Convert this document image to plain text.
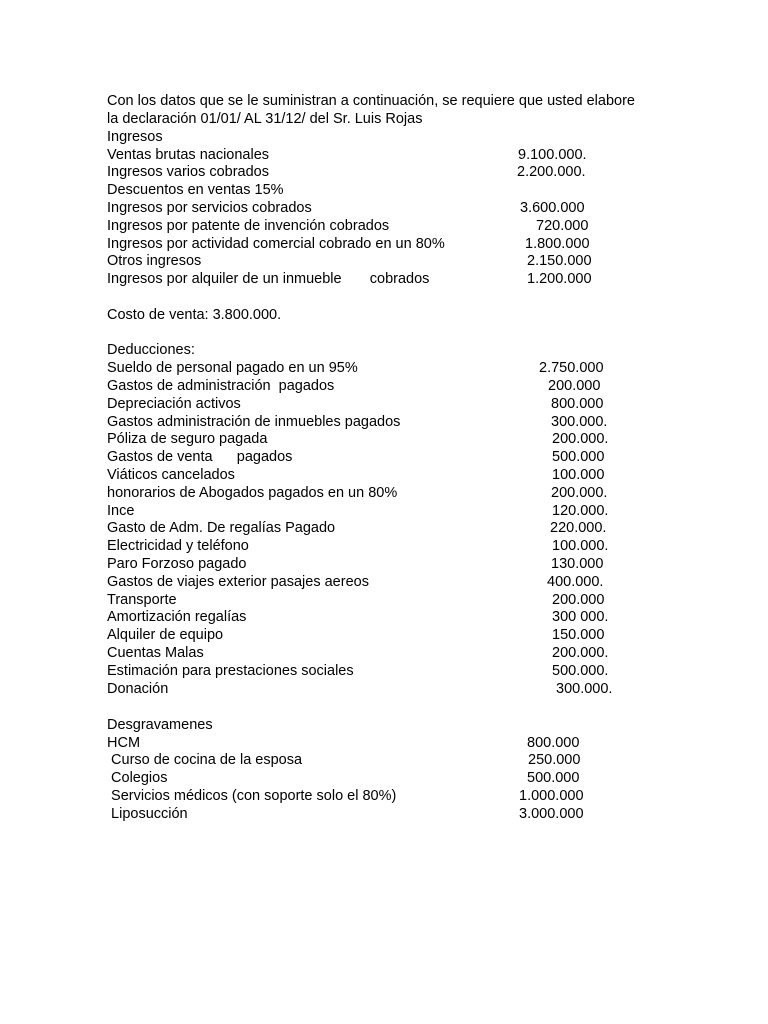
Con los datos que se le suministran a continuación, se requiere que usted elabore
la declaración 01/01/ AL 31/12/ del Sr. Luis Rojas
Ingresos
Ventas brutas nacionales	9.100.000.
Ingresos varios cobrados	2.200.000.
Descuentos en ventas 15%
Ingresos por servicios cobrados	3.600.000
Ingresos por patente de invención cobrados	720.000
Ingresos por actividad comercial cobrado en un 80%	1.800.000
Otros ingresos	2.150.000
Ingresos por alquiler de un inmueble       cobrados	1.200.000
Costo de venta: 3.800.000.
Deducciones:
Sueldo de personal pagado en un 95%	2.750.000
Gastos de administración  pagados	200.000
Depreciación activos	800.000
Gastos administración de inmuebles pagados	300.000.
Póliza de seguro pagada	200.000.
Gastos de venta      pagados	500.000
Viáticos cancelados	100.000
honorarios de Abogados pagados en un 80%	200.000.
Ince	120.000.
Gasto de Adm. De regalías Pagado	220.000.
Electricidad y teléfono	100.000.
Paro Forzoso pagado	130.000
Gastos de viajes exterior pasajes aereos	400.000.
Transporte	200.000
Amortización regalías	300 000.
Alquiler de equipo	150.000
Cuentas Malas	200.000.
Estimación para prestaciones sociales	500.000.
Donación	300.000.
Desgravamenes
HCM	800.000
Curso de cocina de la esposa	250.000
Colegios	500.000
Servicios médicos (con soporte solo el 80%)	1.000.000
Liposucción	3.000.000
